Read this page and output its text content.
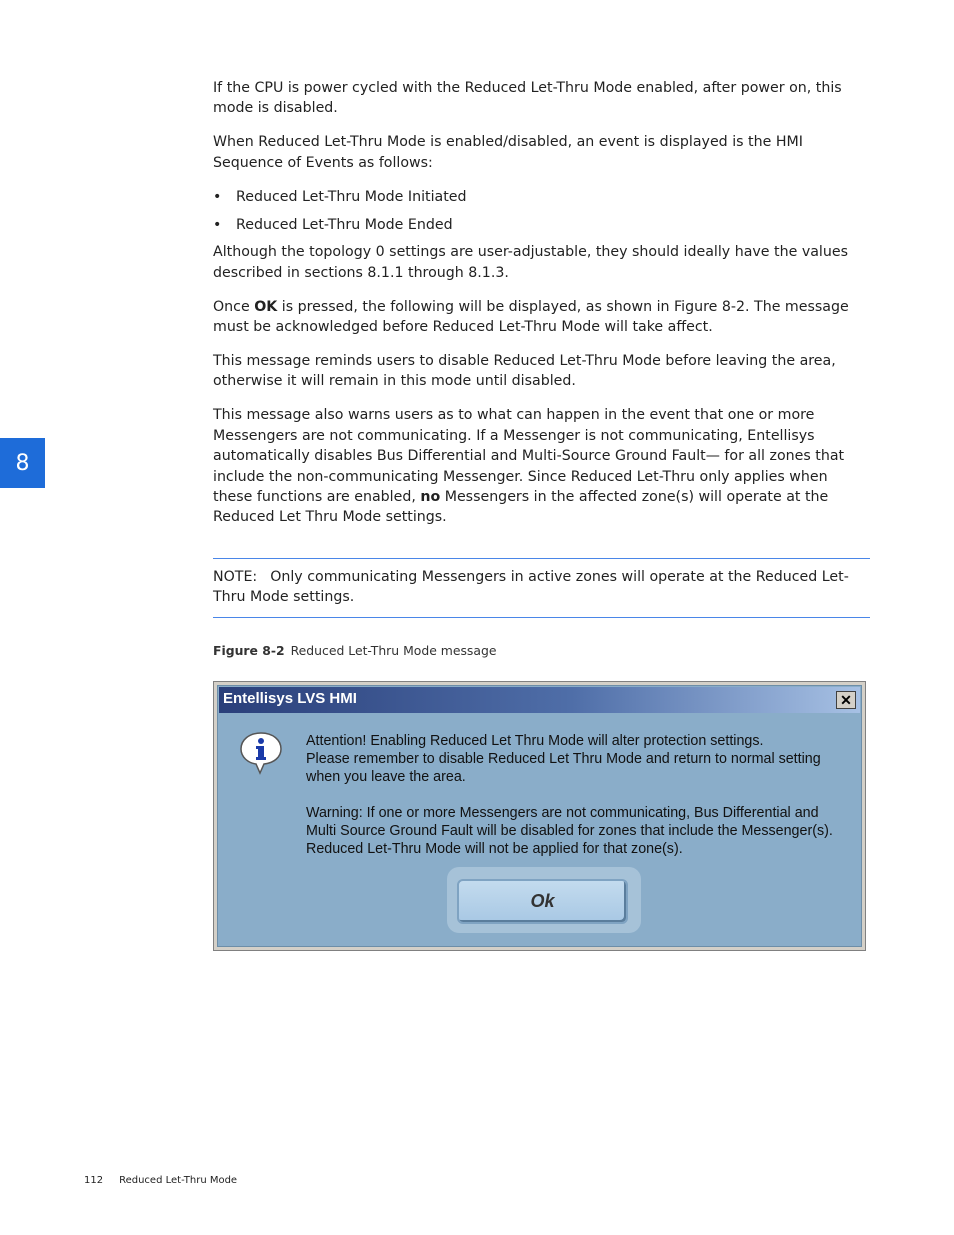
8

If the CPU is power cycled with the Reduced Let-Thru Mode enabled, after power on, this mode is disabled.

When Reduced Let-Thru Mode is enabled/disabled, an event is displayed is the HMI Sequence of Events as follows:

• Reduced Let-Thru Mode Initiated
• Reduced Let-Thru Mode Ended

Although the topology 0 settings are user-adjustable, they should ideally have the values described in sections 8.1.1 through 8.1.3.

Once OK is pressed, the following will be displayed, as shown in Figure 8-2. The message must be acknowledged before Reduced Let-Thru Mode will take affect.

This message reminds users to disable Reduced Let-Thru Mode before leaving the area, otherwise it will remain in this mode until disabled.

This message also warns users as to what can happen in the event that one or more Messengers are not communicating. If a Messenger is not communicating, Entellisys automatically disables Bus Differential and Multi-Source Ground Fault— for all zones that include the non-communicating Messenger. Since Reduced Let-Thru only applies when these functions are enabled, no Messengers in the affected zone(s) will operate at the Reduced Let Thru Mode settings.

NOTE: Only communicating Messengers in active zones will operate at the Reduced Let-Thru Mode settings.
Figure 8-2 Reduced Let-Thru Mode message
Entellisys LVS HMI	✕

Attention! Enabling Reduced Let Thru Mode will alter protection settings.

Please remember to disable Reduced Let Thru Mode and return to normal setting

when you leave the area.

Warning: If one or more Messengers are not communicating, Bus Differential and

Multi Source Ground Fault will be disabled for zones that include the Messenger(s).

Reduced Let-Thru Mode will not be applied for that zone(s).

Ok
112 Reduced Let-Thru Mode
